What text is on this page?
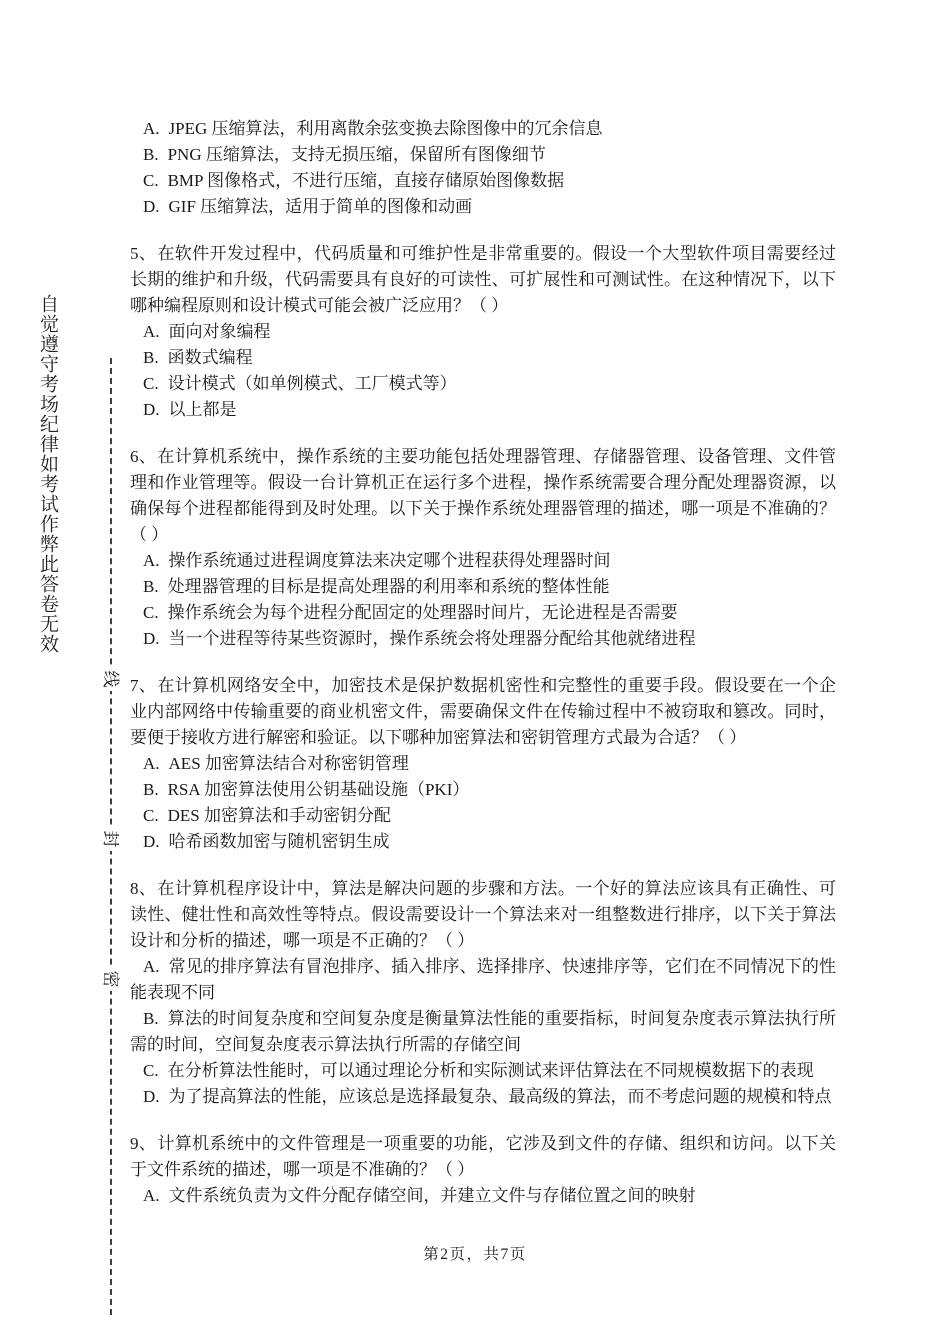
自觉遵守考场纪律如考试作弊此答卷无效
线
封
密

A. JPEG 压缩算法，利用离散余弦变换去除图像中的冗余信息

B. PNG 压缩算法，支持无损压缩，保留所有图像细节

C. BMP 图像格式，不进行压缩，直接存储原始图像数据

D. GIF 压缩算法，适用于简单的图像和动画

5、在软件开发过程中，代码质量和可维护性是非常重要的。假设一个大型软件项目需要经过长期的维护和升级，代码需要具有良好的可读性、可扩展性和可测试性。在这种情况下，以下哪种编程原则和设计模式可能会被广泛应用？（ ）

A. 面向对象编程

B. 函数式编程

C. 设计模式（如单例模式、工厂模式等）

D. 以上都是

6、在计算机系统中，操作系统的主要功能包括处理器管理、存储器管理、设备管理、文件管理和作业管理等。假设一台计算机正在运行多个进程，操作系统需要合理分配处理器资源，以确保每个进程都能得到及时处理。以下关于操作系统处理器管理的描述，哪一项是不准确的？（ ）

A. 操作系统通过进程调度算法来决定哪个进程获得处理器时间

B. 处理器管理的目标是提高处理器的利用率和系统的整体性能

C. 操作系统会为每个进程分配固定的处理器时间片，无论进程是否需要

D. 当一个进程等待某些资源时，操作系统会将处理器分配给其他就绪进程

7、在计算机网络安全中，加密技术是保护数据机密性和完整性的重要手段。假设要在一个企业内部网络中传输重要的商业机密文件，需要确保文件在传输过程中不被窃取和篡改。同时，要便于接收方进行解密和验证。以下哪种加密算法和密钥管理方式最为合适？（ ）

A. AES 加密算法结合对称密钥管理

B. RSA 加密算法使用公钥基础设施（PKI）

C. DES 加密算法和手动密钥分配

D. 哈希函数加密与随机密钥生成

8、在计算机程序设计中，算法是解决问题的步骤和方法。一个好的算法应该具有正确性、可读性、健壮性和高效性等特点。假设需要设计一个算法来对一组整数进行排序，以下关于算法设计和分析的描述，哪一项是不正确的？（ ）

A. 常见的排序算法有冒泡排序、插入排序、选择排序、快速排序等，它们在不同情况下的性能表现不同

B. 算法的时间复杂度和空间复杂度是衡量算法性能的重要指标，时间复杂度表示算法执行所需的时间，空间复杂度表示算法执行所需的存储空间

C. 在分析算法性能时，可以通过理论分析和实际测试来评估算法在不同规模数据下的表现

D. 为了提高算法的性能，应该总是选择最复杂、最高级的算法，而不考虑问题的规模和特点

9、计算机系统中的文件管理是一项重要的功能，它涉及到文件的存储、组织和访问。以下关于文件系统的描述，哪一项是不准确的？（ ）

A. 文件系统负责为文件分配存储空间，并建立文件与存储位置之间的映射

第2页，共7页
